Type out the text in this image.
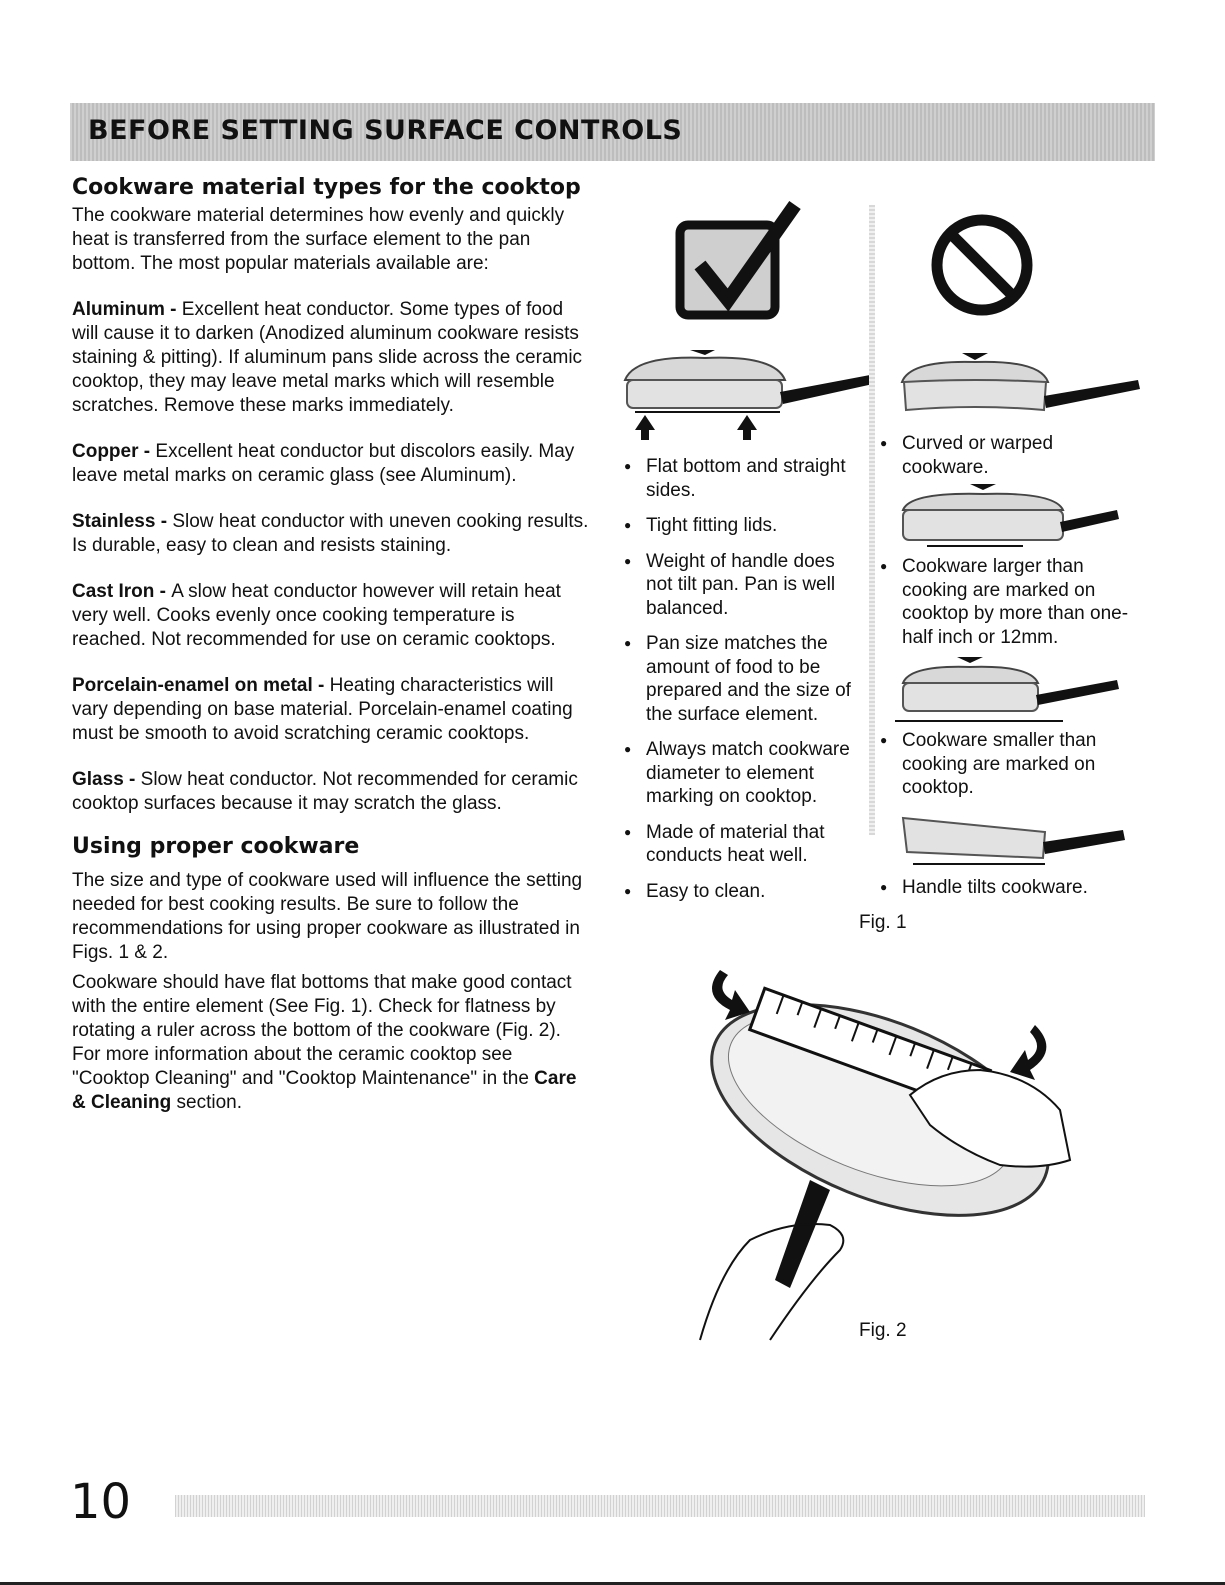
BEFORE SETTING SURFACE CONTROLS
Cookware material types for the cooktop

The cookware material determines how evenly and quickly heat is transferred from the surface element to the pan bottom. The most popular materials available are:

Aluminum - Excellent heat conductor. Some types of food will cause it to darken (Anodized aluminum cookware resists staining & pitting). If aluminum pans slide across the ceramic cooktop, they may leave metal marks which will resemble scratches. Remove these marks immediately.

Copper - Excellent heat conductor but discolors easily. May leave metal marks on ceramic glass (see Aluminum).

Stainless - Slow heat conductor with uneven cooking results. Is durable, easy to clean and resists staining.

Cast Iron - A slow heat conductor however will retain heat very well. Cooks evenly once cooking temperature is reached. Not recommended for use on ceramic cooktops.

Porcelain-enamel on metal - Heating characteristics will vary depending on base material. Porcelain-enamel coating must be smooth to avoid scratching ceramic cooktops.

Glass - Slow heat conductor. Not recommended for ceramic cooktop surfaces because it may scratch the glass.

Using proper cookware

The size and type of cookware used will influence the setting needed for best cooking results. Be sure to follow the recommendations for using proper cookware as illustrated in Figs. 1 & 2.

Cookware should have flat bottoms that make good contact with the entire element (See Fig. 1). Check for flatness by rotating a ruler across the bottom of the cookware (Fig. 2). For more information about the ceramic cooktop see "Cooktop Cleaning" and "Cooktop Maintenance" in the Care & Cleaning section.

● Flat bottom and straight sides.
● Tight fitting lids.
● Weight of handle does not tilt pan. Pan is well balanced.
● Pan size matches the amount of food to be prepared and the size of the surface element.
● Always match cookware diameter to element marking on cooktop.
● Made of material that conducts heat well.
● Easy to clean.
● Curved or warped cookware.
● Cookware larger than cooking are marked on cooktop by more than one-half inch or 12mm.
● Cookware smaller than cooking are marked on cooktop.
● Handle tilts cookware.
Fig. 1
Fig. 2
10
